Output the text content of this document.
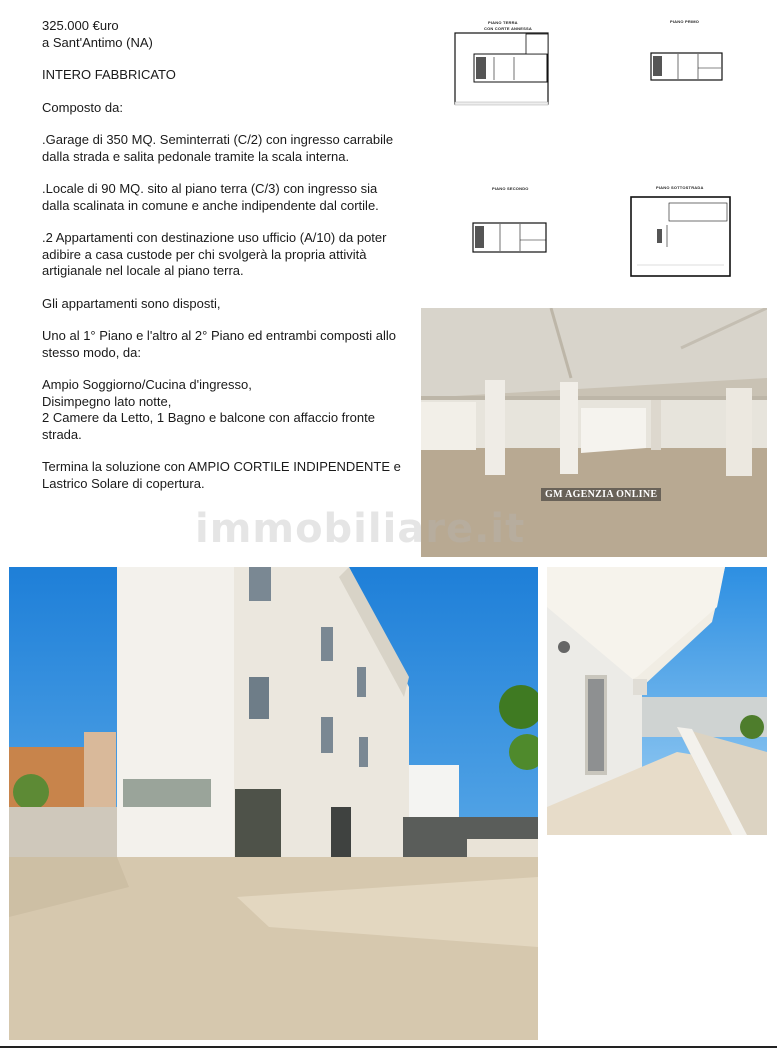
325.000 €uro

a Sant'Antimo (NA)

INTERO FABBRICATO

Composto da:

.Garage di 350 MQ. Seminterrati (C/2) con ingresso carrabile dalla strada e salita pedonale tramite la scala interna.

.Locale di 90 MQ. sito al piano terra (C/3) con ingresso sia dalla scalinata in comune e anche indipendente dal cortile.

.2 Appartamenti con destinazione uso ufficio (A/10) da poter adibire a casa custode per chi svolgerà la propria attività artigianale nel locale al piano terra.

Gli appartamenti sono disposti,

Uno al 1° Piano e l'altro al 2° Piano ed entrambi composti allo stesso modo, da:

Ampio Soggiorno/Cucina d'ingresso,
Disimpegno lato notte,
2 Camere da Letto, 1 Bagno e balcone con affaccio fronte strada.

Termina la soluzione con AMPIO CORTILE INDIPENDENTE e Lastrico Solare di copertura.

PIANO TERRA
CON CORTE ANNESSA
PIANO PRIMO
PIANO SECONDO	PIANO SOTTOSTRADA
GM AGENZIA ONLINE
immobiliare.it
